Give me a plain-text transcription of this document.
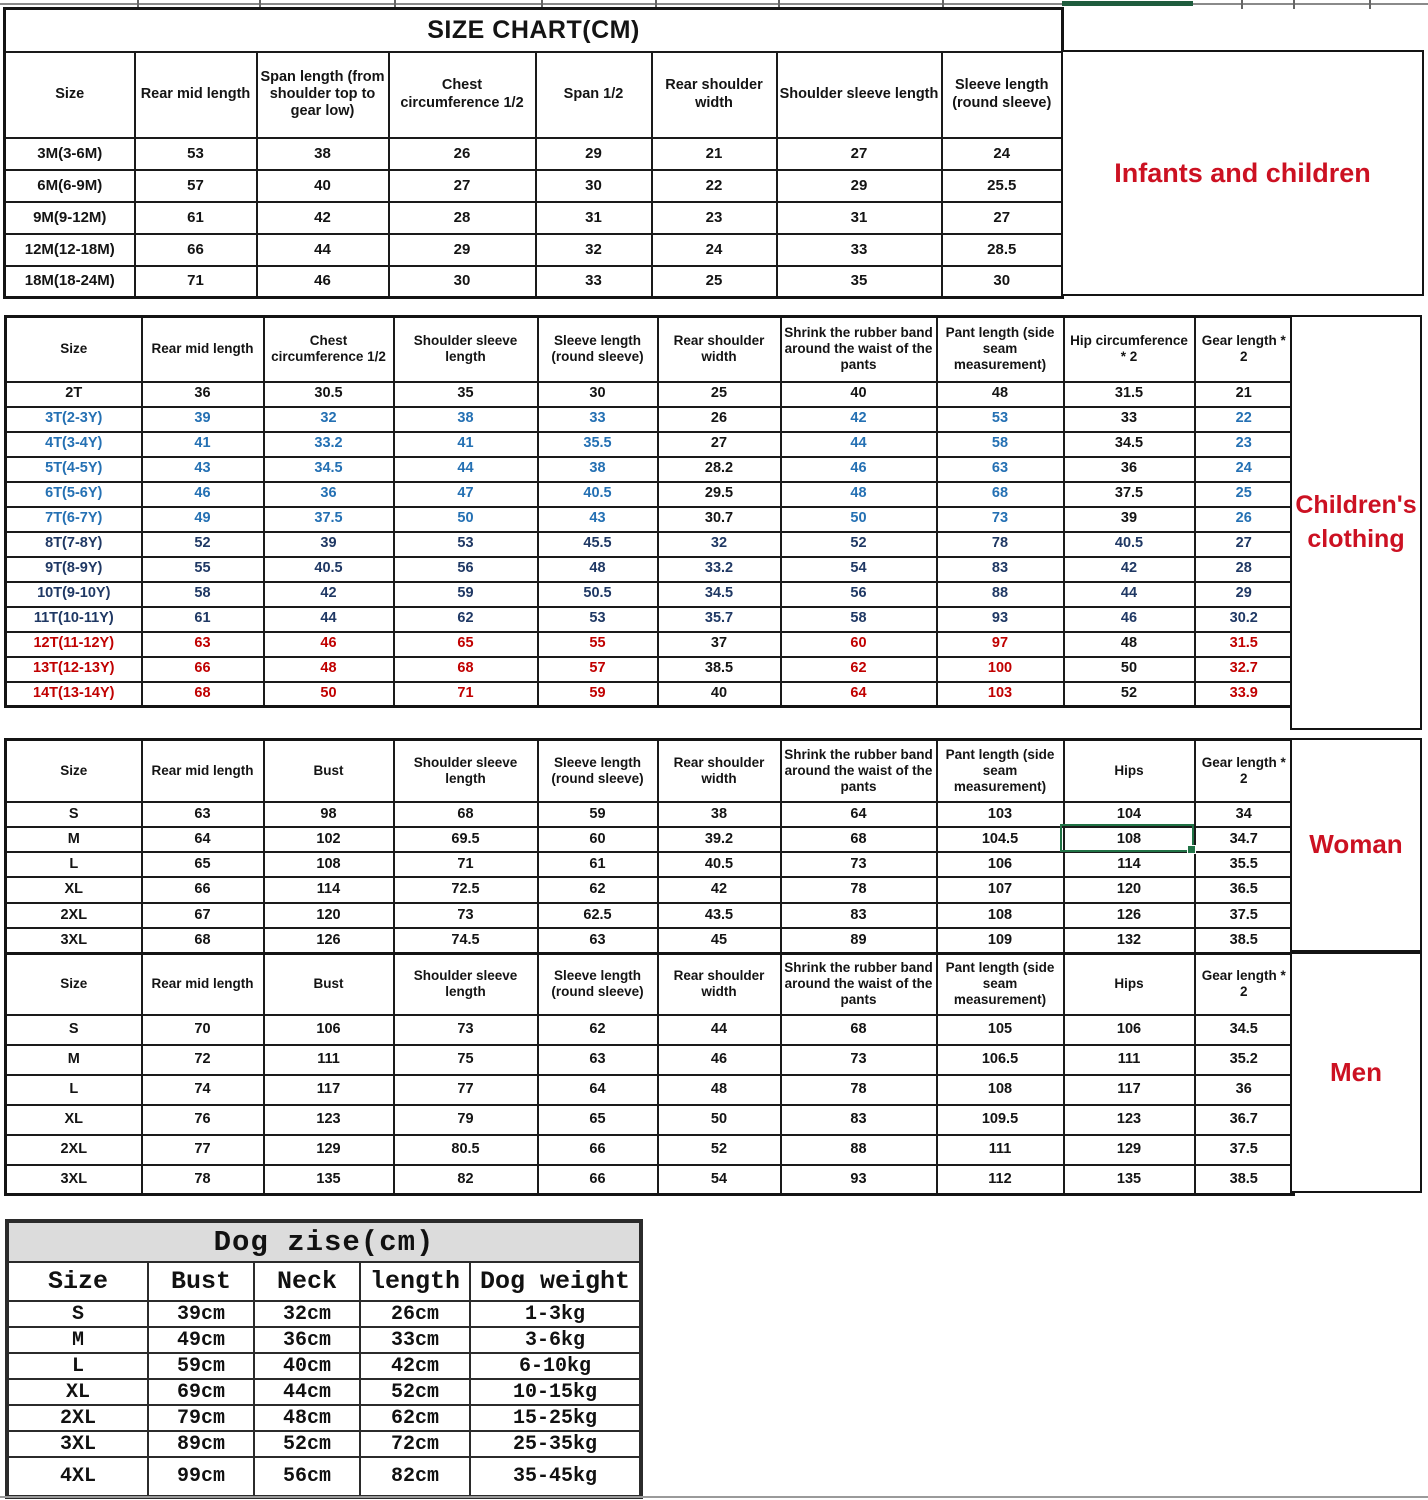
SIZE CHART(CM)							
Size	Rear mid length	Span length (from shoulder top to gear low)	Chest circumference 1/2	Span 1/2	Rear shoulder width	Shoulder sleeve length	Sleeve length (round sleeve)
3M(3-6M)	53	38	26	29	21	27	24
6M(6-9M)	57	40	27	30	22	29	25.5
9M(9-12M)	61	42	28	31	23	31	27
12M(12-18M)	66	44	29	32	24	33	28.5
18M(18-24M)	71	46	30	33	25	35	30
Infants and children
Size	Rear mid length	Chest circumference 1/2	Shoulder sleeve length	Sleeve length (round sleeve)	Rear shoulder width	Shrink the rubber band around the waist of the pants	Pant length (side seam measurement)	Hip circumference * 2	Gear length * 2
2T	36	30.5	35	30	25	40	48	31.5	21
3T(2-3Y)	39	32	38	33	26	42	53	33	22
4T(3-4Y)	41	33.2	41	35.5	27	44	58	34.5	23
5T(4-5Y)	43	34.5	44	38	28.2	46	63	36	24
6T(5-6Y)	46	36	47	40.5	29.5	48	68	37.5	25
7T(6-7Y)	49	37.5	50	43	30.7	50	73	39	26
8T(7-8Y)	52	39	53	45.5	32	52	78	40.5	27
9T(8-9Y)	55	40.5	56	48	33.2	54	83	42	28
10T(9-10Y)	58	42	59	50.5	34.5	56	88	44	29
11T(10-11Y)	61	44	62	53	35.7	58	93	46	30.2
12T(11-12Y)	63	46	65	55	37	60	97	48	31.5
13T(12-13Y)	66	48	68	57	38.5	62	100	50	32.7
14T(13-14Y)	68	50	71	59	40	64	103	52	33.9
Children's clothing
Size	Rear mid length	Bust	Shoulder sleeve length	Sleeve length (round sleeve)	Rear shoulder width	Shrink the rubber band around the waist of the pants	Pant length (side seam measurement)	Hips	Gear length * 2
S	63	98	68	59	38	64	103	104	34
M	64	102	69.5	60	39.2	68	104.5	108	34.7
L	65	108	71	61	40.5	73	106	114	35.5
XL	66	114	72.5	62	42	78	107	120	36.5
2XL	67	120	73	62.5	43.5	83	108	126	37.5
3XL	68	126	74.5	63	45	89	109	132	38.5
Woman
Size	Rear mid length	Bust	Shoulder sleeve length	Sleeve length (round sleeve)	Rear shoulder width	Shrink the rubber band around the waist of the pants	Pant length (side seam measurement)	Hips	Gear length * 2
S	70	106	73	62	44	68	105	106	34.5
M	72	111	75	63	46	73	106.5	111	35.2
L	74	117	77	64	48	78	108	117	36
XL	76	123	79	65	50	83	109.5	123	36.7
2XL	77	129	80.5	66	52	88	111	129	37.5
3XL	78	135	82	66	54	93	112	135	38.5
Men
Dog zise(cm)				
Size	Bust	Neck	length	Dog weight
S	39cm	32cm	26cm	1-3kg
M	49cm	36cm	33cm	3-6kg
L	59cm	40cm	42cm	6-10kg
XL	69cm	44cm	52cm	10-15kg
2XL	79cm	48cm	62cm	15-25kg
3XL	89cm	52cm	72cm	25-35kg
4XL	99cm	56cm	82cm	35-45kg
